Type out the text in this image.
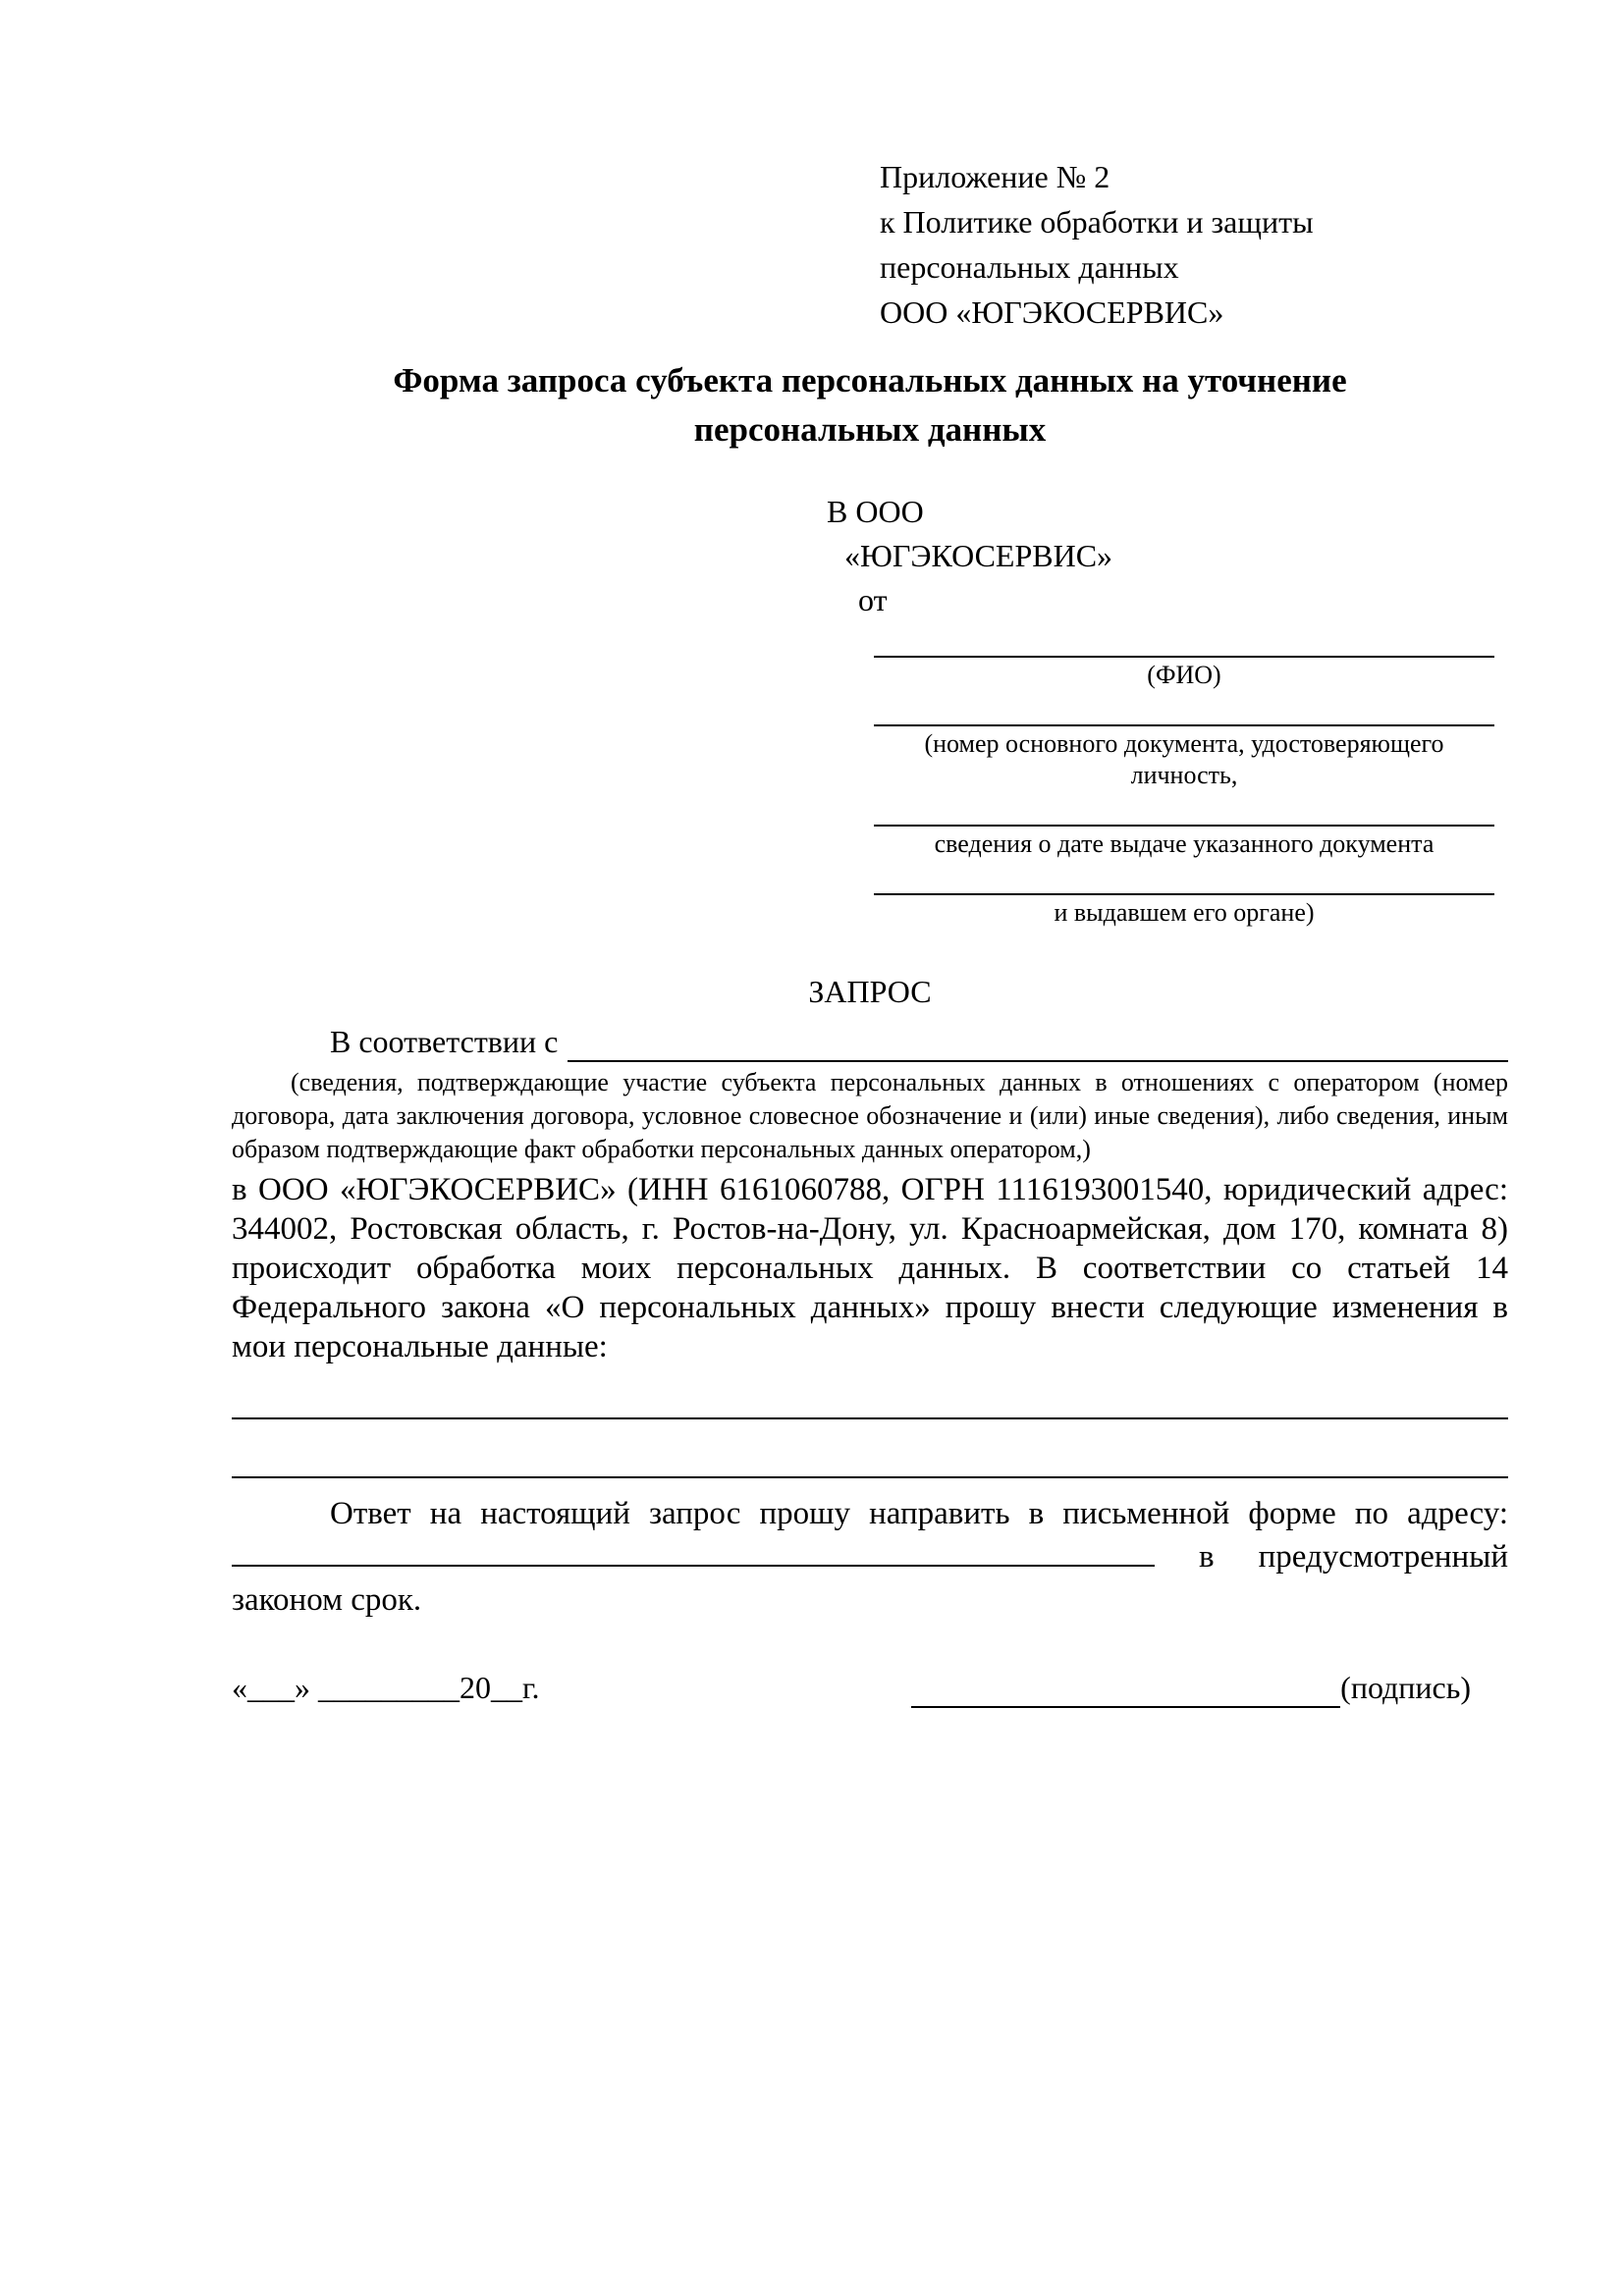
Приложение № 2
к Политике обработки и защиты персональных данных
ООО «ЮГЭКОСЕРВИС»
Форма запроса субъекта персональных данных на уточнение персональных данных
В ООО
«ЮГЭКОСЕРВИС»
от
(ФИО)
(номер основного документа, удостоверяющего личность,
сведения о дате выдаче указанного документа
и выдавшем его органе)
ЗАПРОС
В соответствии с
(сведения, подтверждающие участие субъекта персональных данных в отношениях с оператором (номер договора, дата заключения договора, условное словесное обозначение и (или) иные сведения), либо сведения, иным образом подтверждающие факт обработки персональных данных оператором,)
в ООО «ЮГЭКОСЕРВИС» (ИНН 6161060788, ОГРН 1116193001540, юридический адрес: 344002, Ростовская область, г. Ростов-на-Дону, ул. Красноармейская, дом 170, комната 8) происходит обработка моих персональных данных. В соответствии со статьей 14 Федерального закона «О персональных данных» прошу внести следующие изменения в мои персональные данные:
Ответ на настоящий запрос прошу направить в письменной форме по адресу:  в предусмотренный законом срок.
«___» _________20__г.	(подпись)
